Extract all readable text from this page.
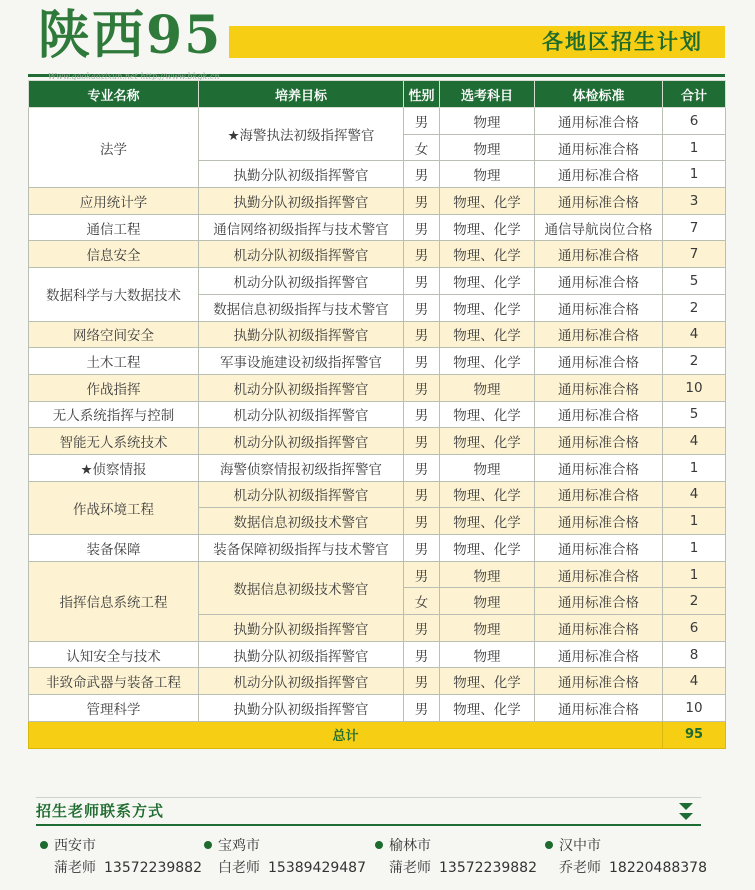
陕西95	各地区招生计划
Www.gaokaozixun.net http://www.bkgk.cn
专业名称	培养目标	性别	选考科目	体检标准	合计
法学	★海警执法初级指挥警官	男	物理	通用标准合格	6
		女	物理	通用标准合格	1
	执勤分队初级指挥警官	男	物理	通用标准合格	1
应用统计学	执勤分队初级指挥警官	男	物理、化学	通用标准合格	3
通信工程	通信网络初级指挥与技术警官	男	物理、化学	通信导航岗位合格	7
信息安全	机动分队初级指挥警官	男	物理、化学	通用标准合格	7
数据科学与大数据技术	机动分队初级指挥警官	男	物理、化学	通用标准合格	5
	数据信息初级指挥与技术警官	男	物理、化学	通用标准合格	2
网络空间安全	执勤分队初级指挥警官	男	物理、化学	通用标准合格	4
土木工程	军事设施建设初级指挥警官	男	物理、化学	通用标准合格	2
作战指挥	机动分队初级指挥警官	男	物理	通用标准合格	10
无人系统指挥与控制	机动分队初级指挥警官	男	物理、化学	通用标准合格	5
智能无人系统技术	机动分队初级指挥警官	男	物理、化学	通用标准合格	4
★侦察情报	海警侦察情报初级指挥警官	男	物理	通用标准合格	1
作战环境工程	机动分队初级指挥警官	男	物理、化学	通用标准合格	4
	数据信息初级技术警官	男	物理、化学	通用标准合格	1
装备保障	装备保障初级指挥与技术警官	男	物理、化学	通用标准合格	1
指挥信息系统工程	数据信息初级技术警官	男	物理	通用标准合格	1
		女	物理	通用标准合格	2
	执勤分队初级指挥警官	男	物理	通用标准合格	6
认知安全与技术	执勤分队初级指挥警官	男	物理	通用标准合格	8
非致命武器与装备工程	机动分队初级指挥警官	男	物理、化学	通用标准合格	4
管理科学	执勤分队初级指挥警官	男	物理、化学	通用标准合格	10
总计					95
招生老师联系方式
西安市
蒲老师 13572239882
宝鸡市
白老师 15389429487
榆林市
蒲老师 13572239882
汉中市
乔老师 18220488378
